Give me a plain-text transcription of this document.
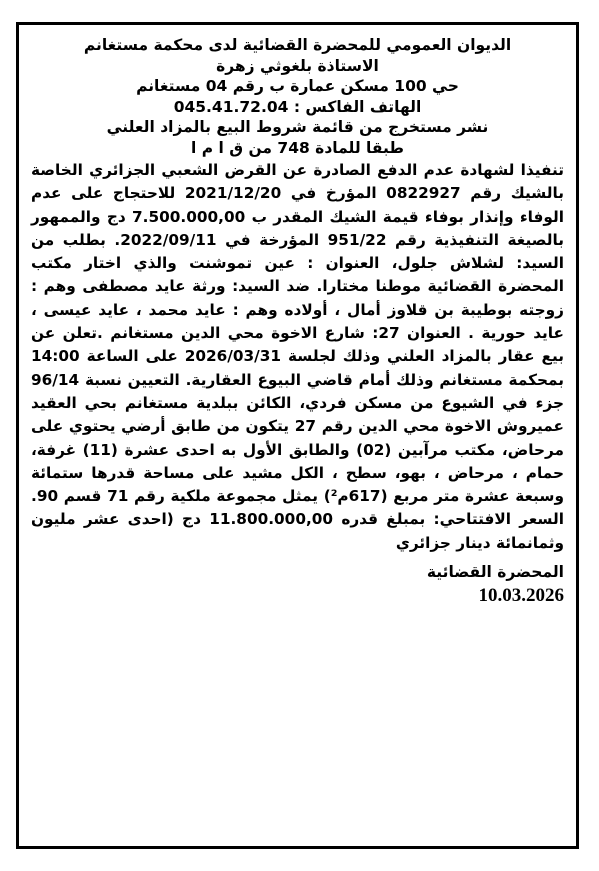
الديوان العمومي للمحضرة القضائية لدى محكمة مستغانم
الاستاذة بلغوثي زهرة
حي 100 مسكن عمارة ب رقم 04 مستغانم
الهاتف الفاكس : 045.41.72.04
نشر مستخرج من قائمة شروط البيع بالمزاد العلني
طبقا للمادة 748 من ق ا م ا
تنفيذا لشهادة عدم الدفع الصادرة عن القرض الشعبي الجزائري الخاصة بالشيك رقم 0822927 المؤرخ في 2021/12/20 للاحتجاج على عدم الوفاء وإنذار بوفاء قيمة الشيك المقدر ب 7.500.000,00 دج والممهور بالصيغة التنفيذية رقم 951/22 المؤرخة في 2022/09/11. بطلب من السيد: لشلاش جلول، العنوان : عين تموشنت والذي اختار مكتب المحضرة القضائية موطنا مختارا. ضد السيد: ورثة عايد مصطفى وهم : زوجته بوطيبة بن قلاوز أمال ، أولاده وهم : عايد محمد ، عايد عيسى ، عايد حورية . العنوان 27: شارع الاخوة محي الدين مستغانم .تعلن عن بيع عقار بالمزاد العلني وذلك لجلسة 2026/03/31 على الساعة 14:00 بمحكمة مستغانم وذلك أمام قاضي البيوع العقارية. التعيين نسبة 96/14 جزء في الشيوع من مسكن فردي، الكائن ببلدية مستغانم بحي العقيد عميروش الاخوة محي الدين رقم 27 يتكون من طابق أرضي يحتوي على مرحاض، مكتب مرآبين (02) والطابق الأول به احدى عشرة (11) غرفة، حمام ، مرحاض ، بهو، سطح ، الكل مشيد على مساحة قدرها ستمائة وسبعة عشرة متر مربع (617م²) يمثل مجموعة ملكية رقم 71 قسم 90. السعر الافتتاحي: بمبلغ قدره 11.800.000,00 دج (احدى عشر مليون وثمانمائة دينار جزائري
المحضرة القضائية
10.03.2026
